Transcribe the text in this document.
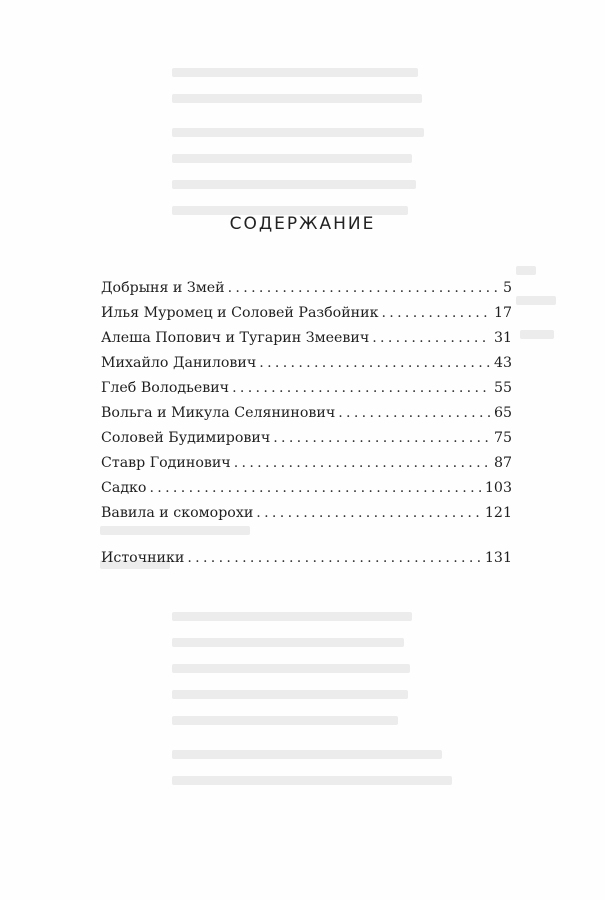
СОДЕРЖАНИЕ
Добрыня и Змей . . .	5
Илья Муромец и Соловей Разбойник . . .	17
Алеша Попович и Тугарин Змеевич . . .	31
Михайло Данилович . . .	43
Глеб Володьевич . . .	55
Вольга и Микула Селянинович . . .	65
Соловей Будимирович . . .	75
Ставр Годинович . . .	87
Садко . . .	103
Вавила и скоморохи . . .	121
Источники . . .	131
